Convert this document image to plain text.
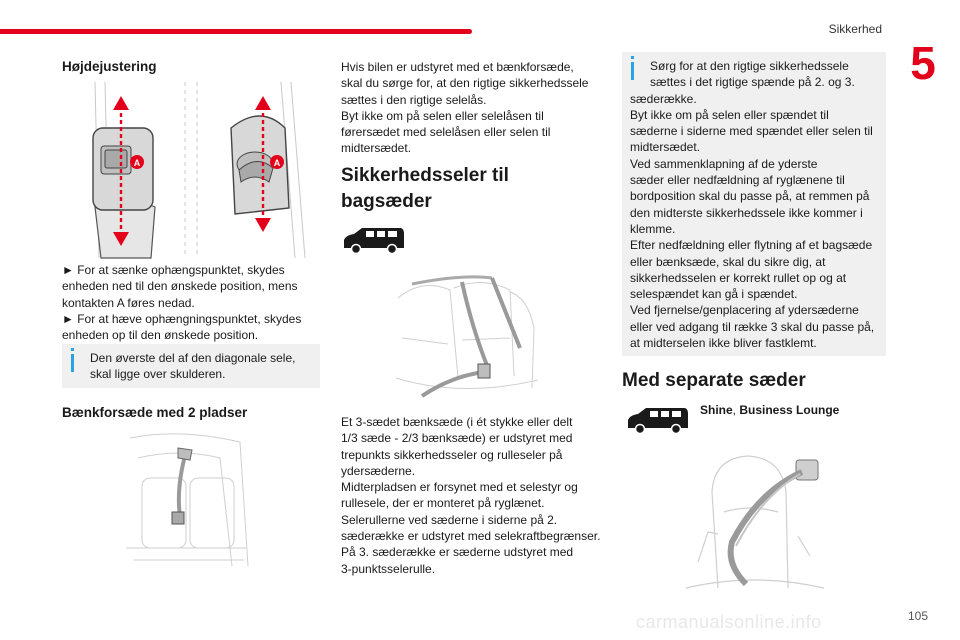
Sikkerhed
5
carmanualsonline.info	105
Højdejustering
A	A
► For at sænke ophængspunktet, skydes
enheden ned til den ønskede position, mens
kontakten A føres nedad.
► For at hæve ophængningspunktet, skydes
enheden op til den ønskede position.
Den øverste del af den diagonale sele,
skal ligge over skulderen.
Bænkforsæde med 2 pladser
Hvis bilen er udstyret med et bænkforsæde,
skal du sørge for, at den rigtige sikkerhedssele
sættes i den rigtige selelås.
Byt ikke om på selen eller selelåsen til
førersædet med selelåsen eller selen til
midtersædet.
Sikkerhedsseler til
bagsæder
Et 3-sædet bænksæde (i ét stykke eller delt
1/3 sæde - 2/3 bænksæde) er udstyret med
trepunkts sikkerhedsseler og rulleseler på
ydersæderne.
Midterpladsen er forsynet med et selestyr og
rullesele, der er monteret på ryglænet.
Selerullerne ved sæderne i siderne på 2.
sæderække er udstyret med selekraftbegrænser.
På 3. sæderække er sæderne udstyret med
3-punktsselerulle.
Sørg for at den rigtige sikkerhedssele
sættes i det rigtige spænde på 2. og 3.
sæderække.
Byt ikke om på selen eller spændet til
sæderne i siderne med spændet eller selen til
midtersædet.
Ved sammenklapning af de yderste
sæder eller nedfældning af ryglænene til
bordposition skal du passe på, at remmen på
den midterste sikkerhedssele ikke kommer i
klemme.
Efter nedfældning eller flytning af et bagsæde
eller bænksæde, skal du sikre dig, at
sikkerhedsselen er korrekt rullet op og at
selespændet kan gå i spændet.
Ved fjernelse/genplacering af ydersæderne
eller ved adgang til række 3 skal du passe på,
at midterselen ikke bliver fastklemt.
Med separate sæder
Shine, Business Lounge
